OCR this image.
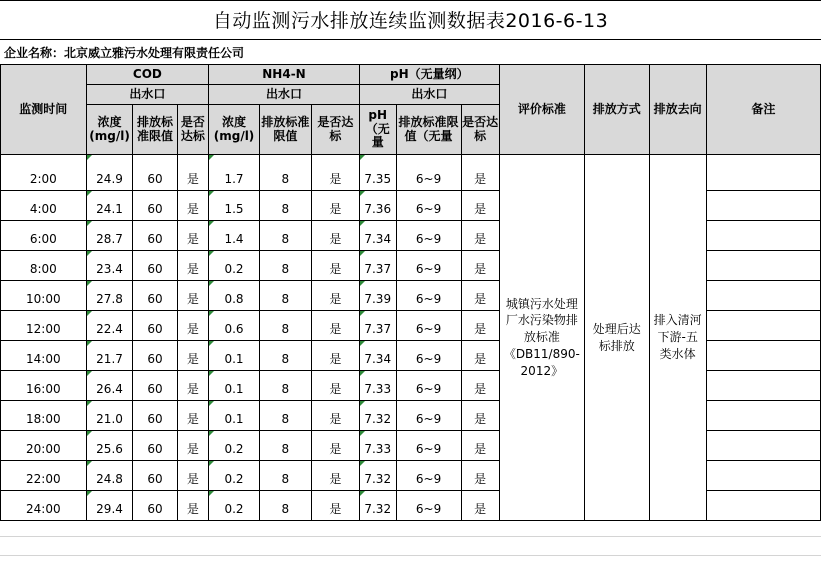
自动监测污水排放连续监测数据表2016-6-13
企业名称：北京威立雅污水处理有限责任公司
监测时间	COD			NH4-N			pH（无量纲）			评价标准	排放方式	排放去向	备注
	出水口			出水口			出水口						
	浓度(mg/l)	排放标准限值	是否达标	浓度(mg/l)	排放标准限值	是否达标	pH（无量	排放标准限值（无量	是否达标				

2:00	24.9	60	是	1.7	8	是	7.35	6~9	是	城镇污水处理厂水污染物排放标准《DB11/890-2012》	处理后达标排放	排入清河下游-五类水体	
4:00	24.1	60	是	1.5	8	是	7.36	6~9	是				
6:00	28.7	60	是	1.4	8	是	7.34	6~9	是				
8:00	23.4	60	是	0.2	8	是	7.37	6~9	是				
10:00	27.8	60	是	0.8	8	是	7.39	6~9	是				
12:00	22.4	60	是	0.6	8	是	7.37	6~9	是				
14:00	21.7	60	是	0.1	8	是	7.34	6~9	是				
16:00	26.4	60	是	0.1	8	是	7.33	6~9	是				
18:00	21.0	60	是	0.1	8	是	7.32	6~9	是				
20:00	25.6	60	是	0.2	8	是	7.33	6~9	是				
22:00	24.8	60	是	0.2	8	是	7.32	6~9	是				
24:00	29.4	60	是	0.2	8	是	7.32	6~9	是				
